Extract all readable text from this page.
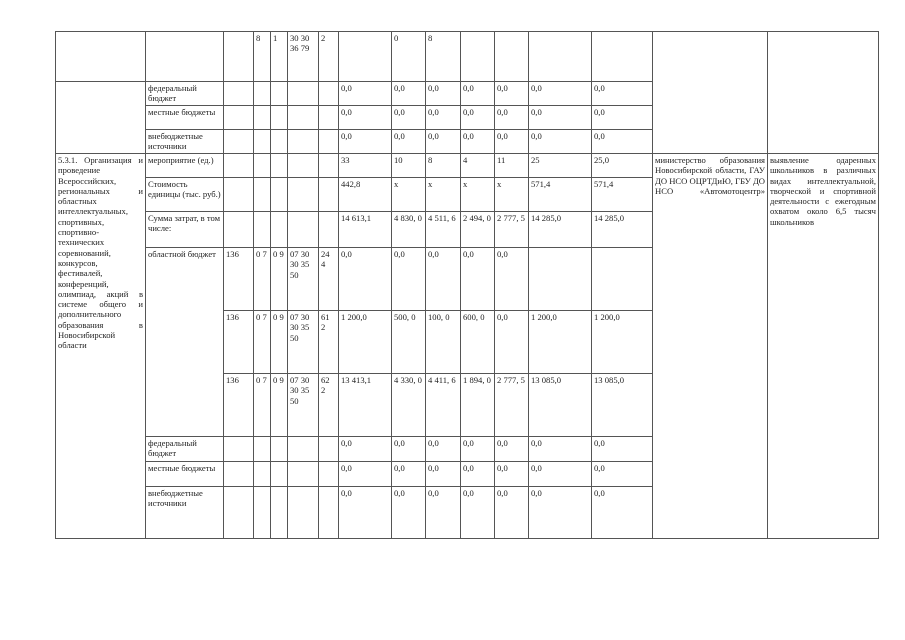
			8	1	30 30 36 79	2		0	8						
	федеральный бюджет						0,0	0,0	0,0	0,0	0,0	0,0	0,0		
	местные бюджеты						0,0	0,0	0,0	0,0	0,0	0,0	0,0		
	внебюджетные источники						0,0	0,0	0,0	0,0	0,0	0,0	0,0		
5.3.1. Организация и проведение Всероссийских, региональных и областных интеллектуальных, спортивных, спортивно-технических соревнований, конкурсов, фестивалей, конференций, олимпиад, акций в системе общего и дополнительного образования в Новосибирской области	мероприятие (ед.)						33	10	8	4	11	25	25,0	министерство образования Новосибирской области, ГАУ ДО НСО ОЦРТДиЮ, ГБУ ДО НСО «Автомотоцентр»	выявление одаренных школьников в различных видах интеллектуальной, творческой и спортивной деятельности с ежегодным охватом около 6,5 тысяч школьников
	Стоимость единицы (тыс. руб.)						442,8	x	x	x	x	571,4	571,4		
	Сумма затрат, в том числе:						14 613,1	4 830, 0	4 511, 6	2 494, 0	2 777, 5	14 285,0	14 285,0		
	областной бюджет	136	0 7	0 9	07 30 30 35 50	24 4	0,0	0,0	0,0	0,0	0,0				
		136	0 7	0 9	07 30 30 35 50	61 2	1 200,0	500, 0	100, 0	600, 0	0,0	1 200,0	1 200,0		
		136	0 7	0 9	07 30 30 35 50	62 2	13 413,1	4 330, 0	4 411, 6	1 894, 0	2 777, 5	13 085,0	13 085,0		
	федеральный бюджет						0,0	0,0	0,0	0,0	0,0	0,0	0,0		
	местные бюджеты						0,0	0,0	0,0	0,0	0,0	0,0	0,0		
	внебюджетные источники						0,0	0,0	0,0	0,0	0,0	0,0	0,0		
